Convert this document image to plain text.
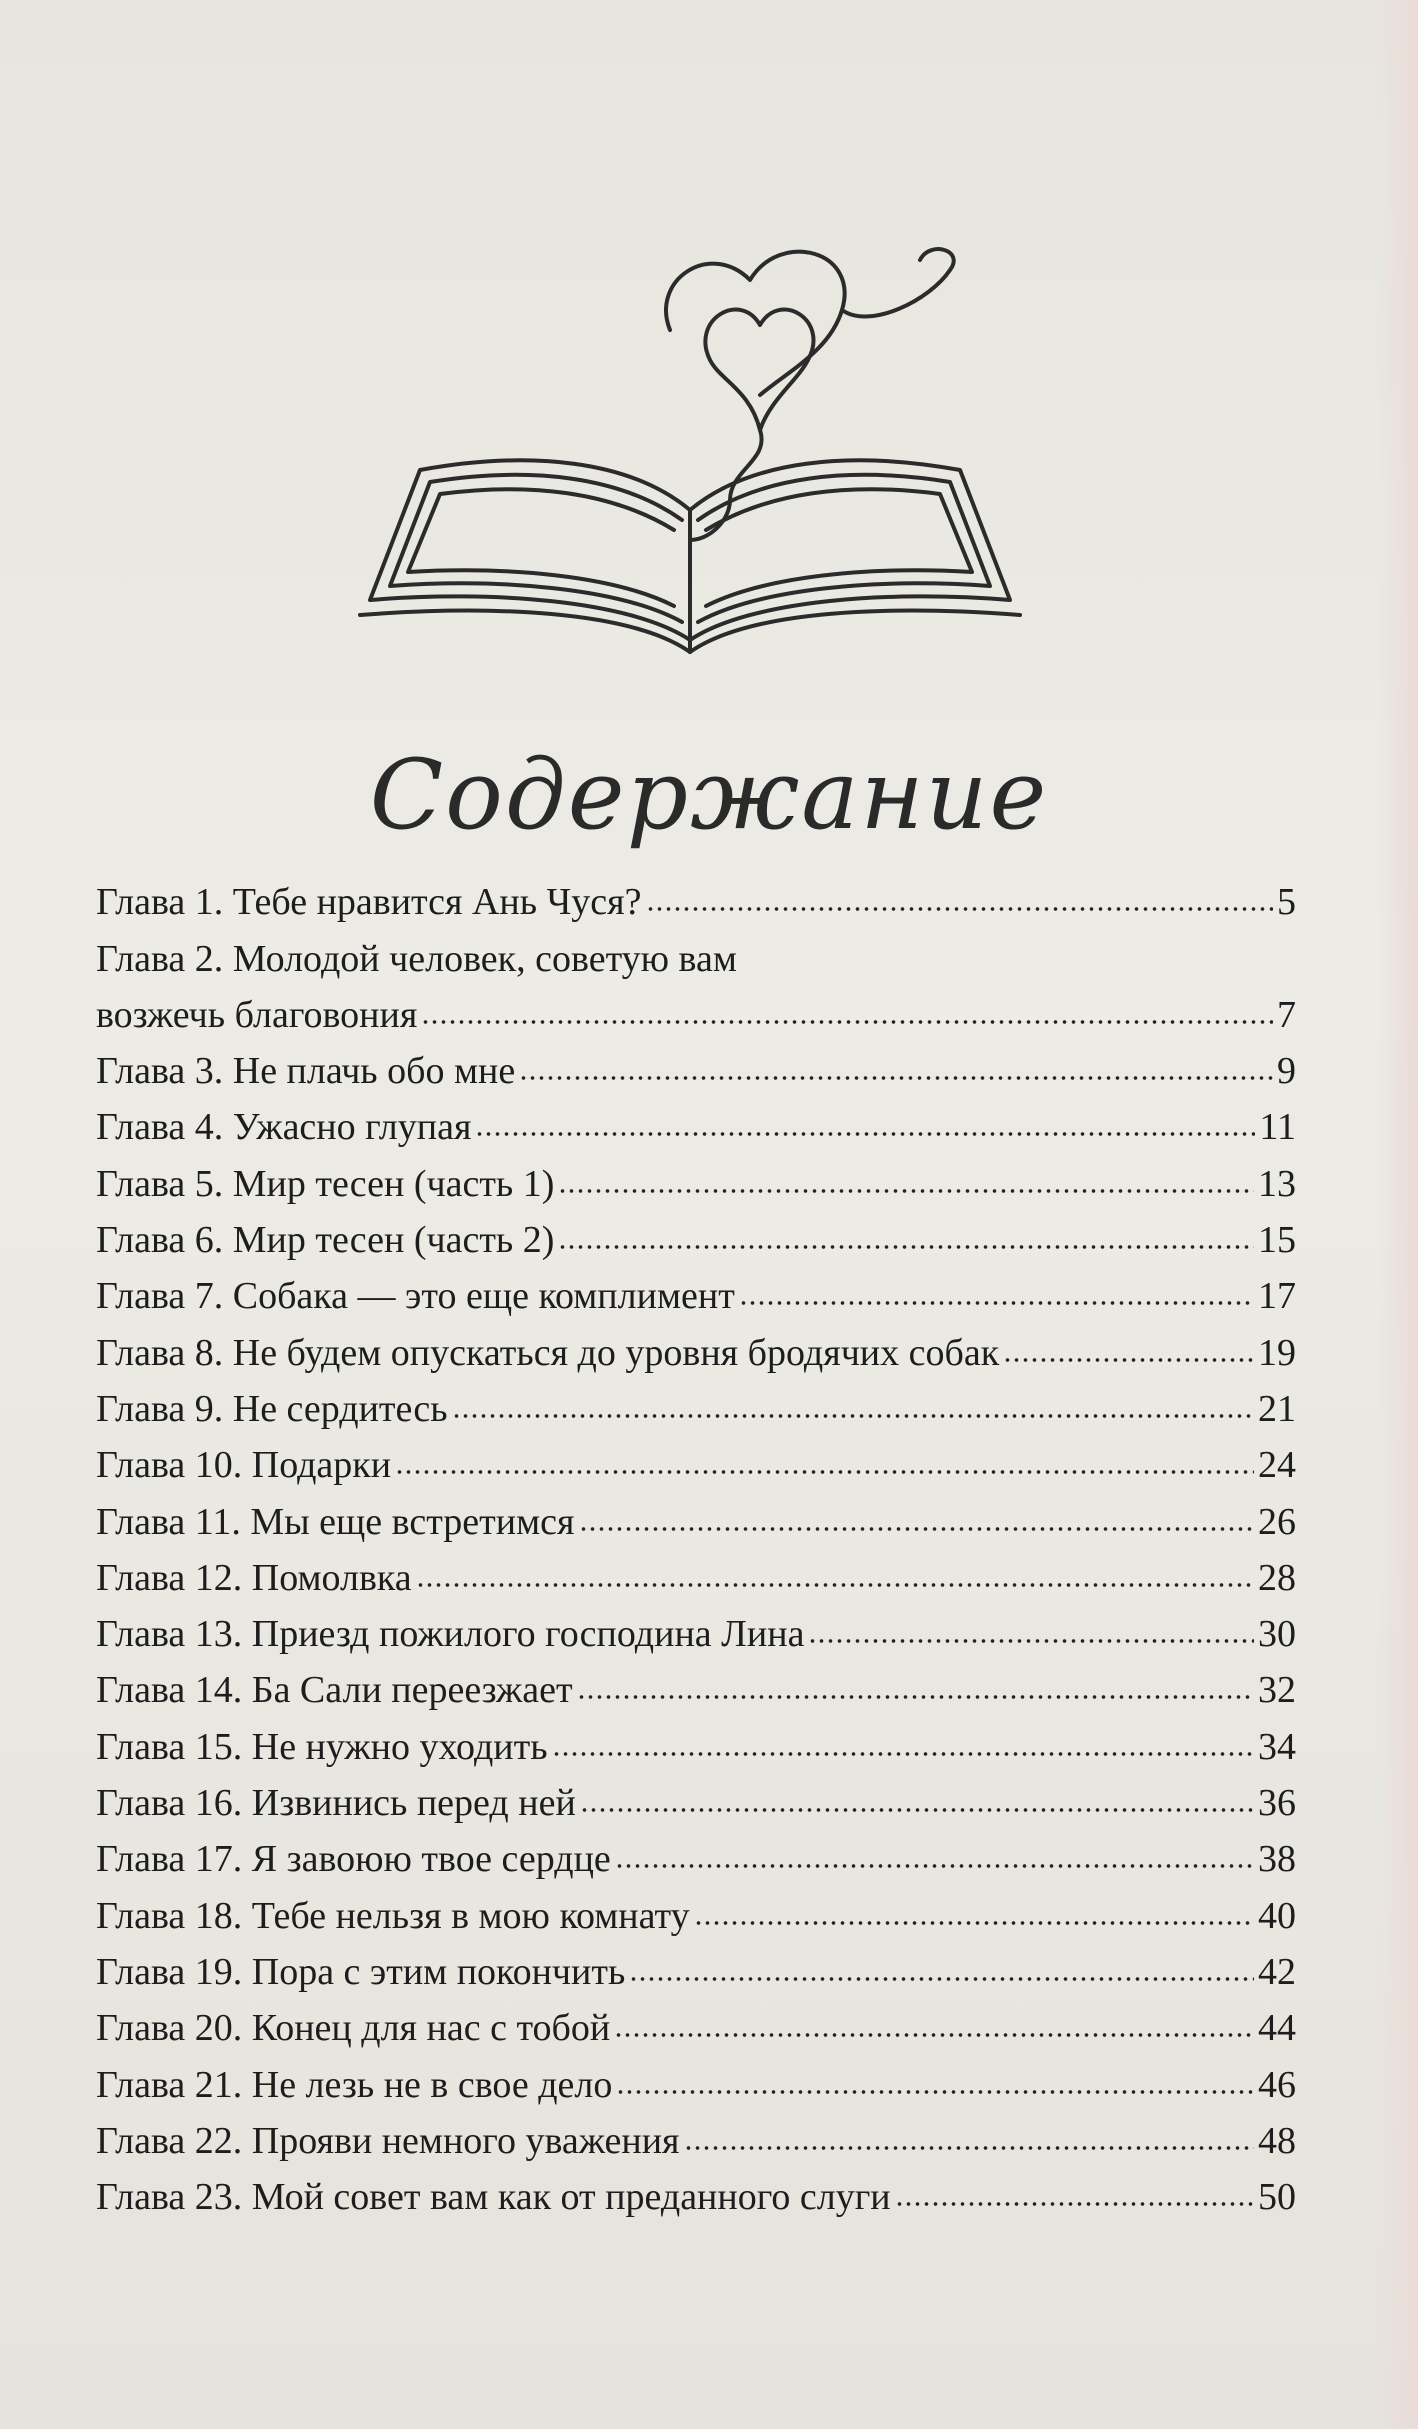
Содержание
Глава 1. Тебе нравится Ань Чуся?	5
Глава 2. Молодой человек, советую вам
возжечь благовония	7
Глава 3. Не плачь обо мне	9
Глава 4. Ужасно глупая	11
Глава 5. Мир тесен (часть 1)	13
Глава 6. Мир тесен (часть 2)	15
Глава 7. Собака — это еще комплимент	17
Глава 8. Не будем опускаться до уровня бродячих собак	19
Глава 9. Не сердитесь	21
Глава 10. Подарки	24
Глава 11. Мы еще встретимся	26
Глава 12. Помолвка	28
Глава 13. Приезд пожилого господина Лина	30
Глава 14. Ба Сали переезжает	32
Глава 15. Не нужно уходить	34
Глава 16. Извинись перед ней	36
Глава 17. Я завоюю твое сердце	38
Глава 18. Тебе нельзя в мою комнату	40
Глава 19. Пора с этим покончить	42
Глава 20. Конец для нас с тобой	44
Глава 21. Не лезь не в свое дело	46
Глава 22. Прояви немного уважения	48
Глава 23. Мой совет вам как от преданного слуги	50
